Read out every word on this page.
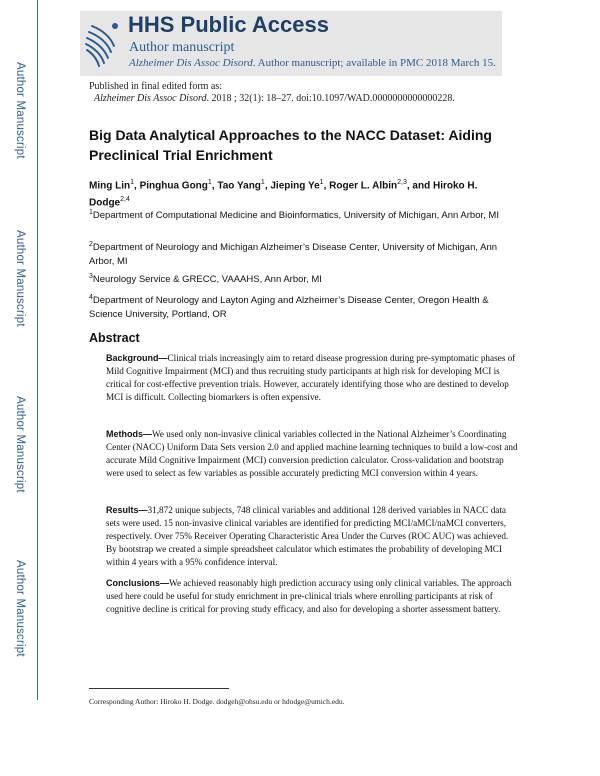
Author Manuscript
Author Manuscript
Author Manuscript
Author Manuscript
HHS Public Access
Author manuscript
Alzheimer Dis Assoc Disord. Author manuscript; available in PMC 2018 March 15.
Published in final edited form as:
Alzheimer Dis Assoc Disord. 2018 ; 32(1): 18–27. doi:10.1097/WAD.0000000000000228.
Big Data Analytical Approaches to the NACC Dataset: Aiding Preclinical Trial Enrichment
Ming Lin$^1$, Pinghua Gong$^1$, Tao Yang$^1$, Jieping Ye$^1$, Roger L. Albin$^{2,3}$, and Hiroko H. Dodge$^{2,4}$
$^1$Department of Computational Medicine and Bioinformatics, University of Michigan, Ann Arbor, MI
$^2$Department of Neurology and Michigan Alzheimer’s Disease Center, University of Michigan, Ann Arbor, MI
$^3$Neurology Service & GRECC, VAAAHS, Ann Arbor, MI
$^4$Department of Neurology and Layton Aging and Alzheimer’s Disease Center, Oregon Health & Science University, Portland, OR
Abstract
Background—Clinical trials increasingly aim to retard disease progression during pre-symptomatic phases of Mild Cognitive Impairment (MCI) and thus recruiting study participants at high risk for developing MCI is critical for cost-effective prevention trials. However, accurately identifying those who are destined to develop MCI is difficult. Collecting biomarkers is often expensive.
Methods—We used only non-invasive clinical variables collected in the National Alzheimer’s Coordinating Center (NACC) Uniform Data Sets version 2.0 and applied machine learning techniques to build a low-cost and accurate Mild Cognitive Impairment (MCI) conversion prediction calculator. Cross-validation and bootstrap were used to select as few variables as possible accurately predicting MCI conversion within 4 years.
Results—31,872 unique subjects, 748 clinical variables and additional 128 derived variables in NACC data sets were used. 15 non-invasive clinical variables are identified for predicting MCI/aMCI/naMCI converters, respectively. Over 75% Receiver Operating Characteristic Area Under the Curves (ROC AUC) was achieved. By bootstrap we created a simple spreadsheet calculator which estimates the probability of developing MCI within 4 years with a 95% confidence interval.
Conclusions—We achieved reasonably high prediction accuracy using only clinical variables. The approach used here could be useful for study enrichment in pre-clinical trials where enrolling participants at risk of cognitive decline is critical for proving study efficacy, and also for developing a shorter assessment battery.
Corresponding Author: Hiroko H. Dodge. dodgeh@ohsu.edu or hdodge@umich.edu.
